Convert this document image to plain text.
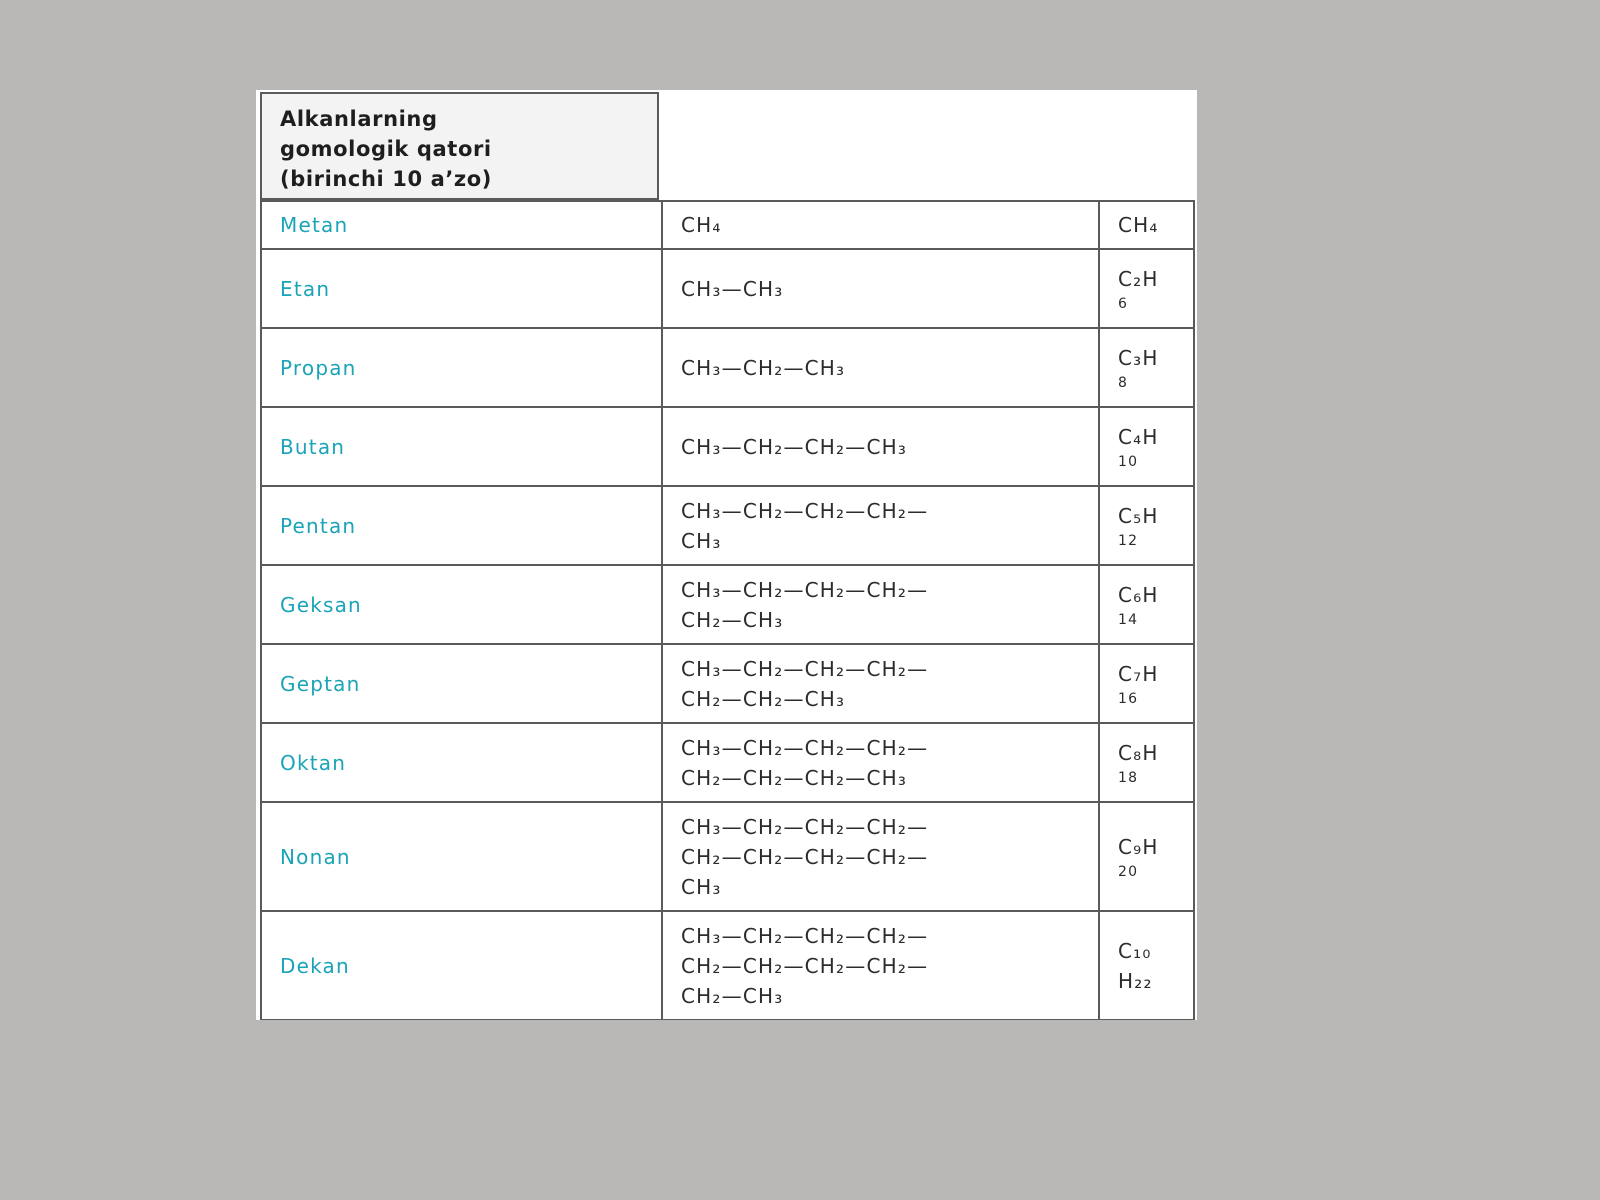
Alkanlarning
gomologik qatori
(birinchi 10 a’zo)
Metan	CH₄	CH₄

Etan	CH₃—CH₃	C₂H
6

Propan	CH₃—CH₂—CH₃	C₃H
8

Butan	CH₃—CH₂—CH₂—CH₃	C₄H
10

Pentan	CH₃—CH₂—CH₂—CH₂—
CH₃	C₅H
12

Geksan	CH₃—CH₂—CH₂—CH₂—
CH₂—CH₃	C₆H
14

Geptan	CH₃—CH₂—CH₂—CH₂—
CH₂—CH₂—CH₃	C₇H
16

Oktan	CH₃—CH₂—CH₂—CH₂—
CH₂—CH₂—CH₂—CH₃	C₈H
18

Nonan	CH₃—CH₂—CH₂—CH₂—
CH₂—CH₂—CH₂—CH₂—
CH₃	C₉H
20

Dekan	CH₃—CH₂—CH₂—CH₂—
CH₂—CH₂—CH₂—CH₂—
CH₂—CH₃	C₁₀
H₂₂
